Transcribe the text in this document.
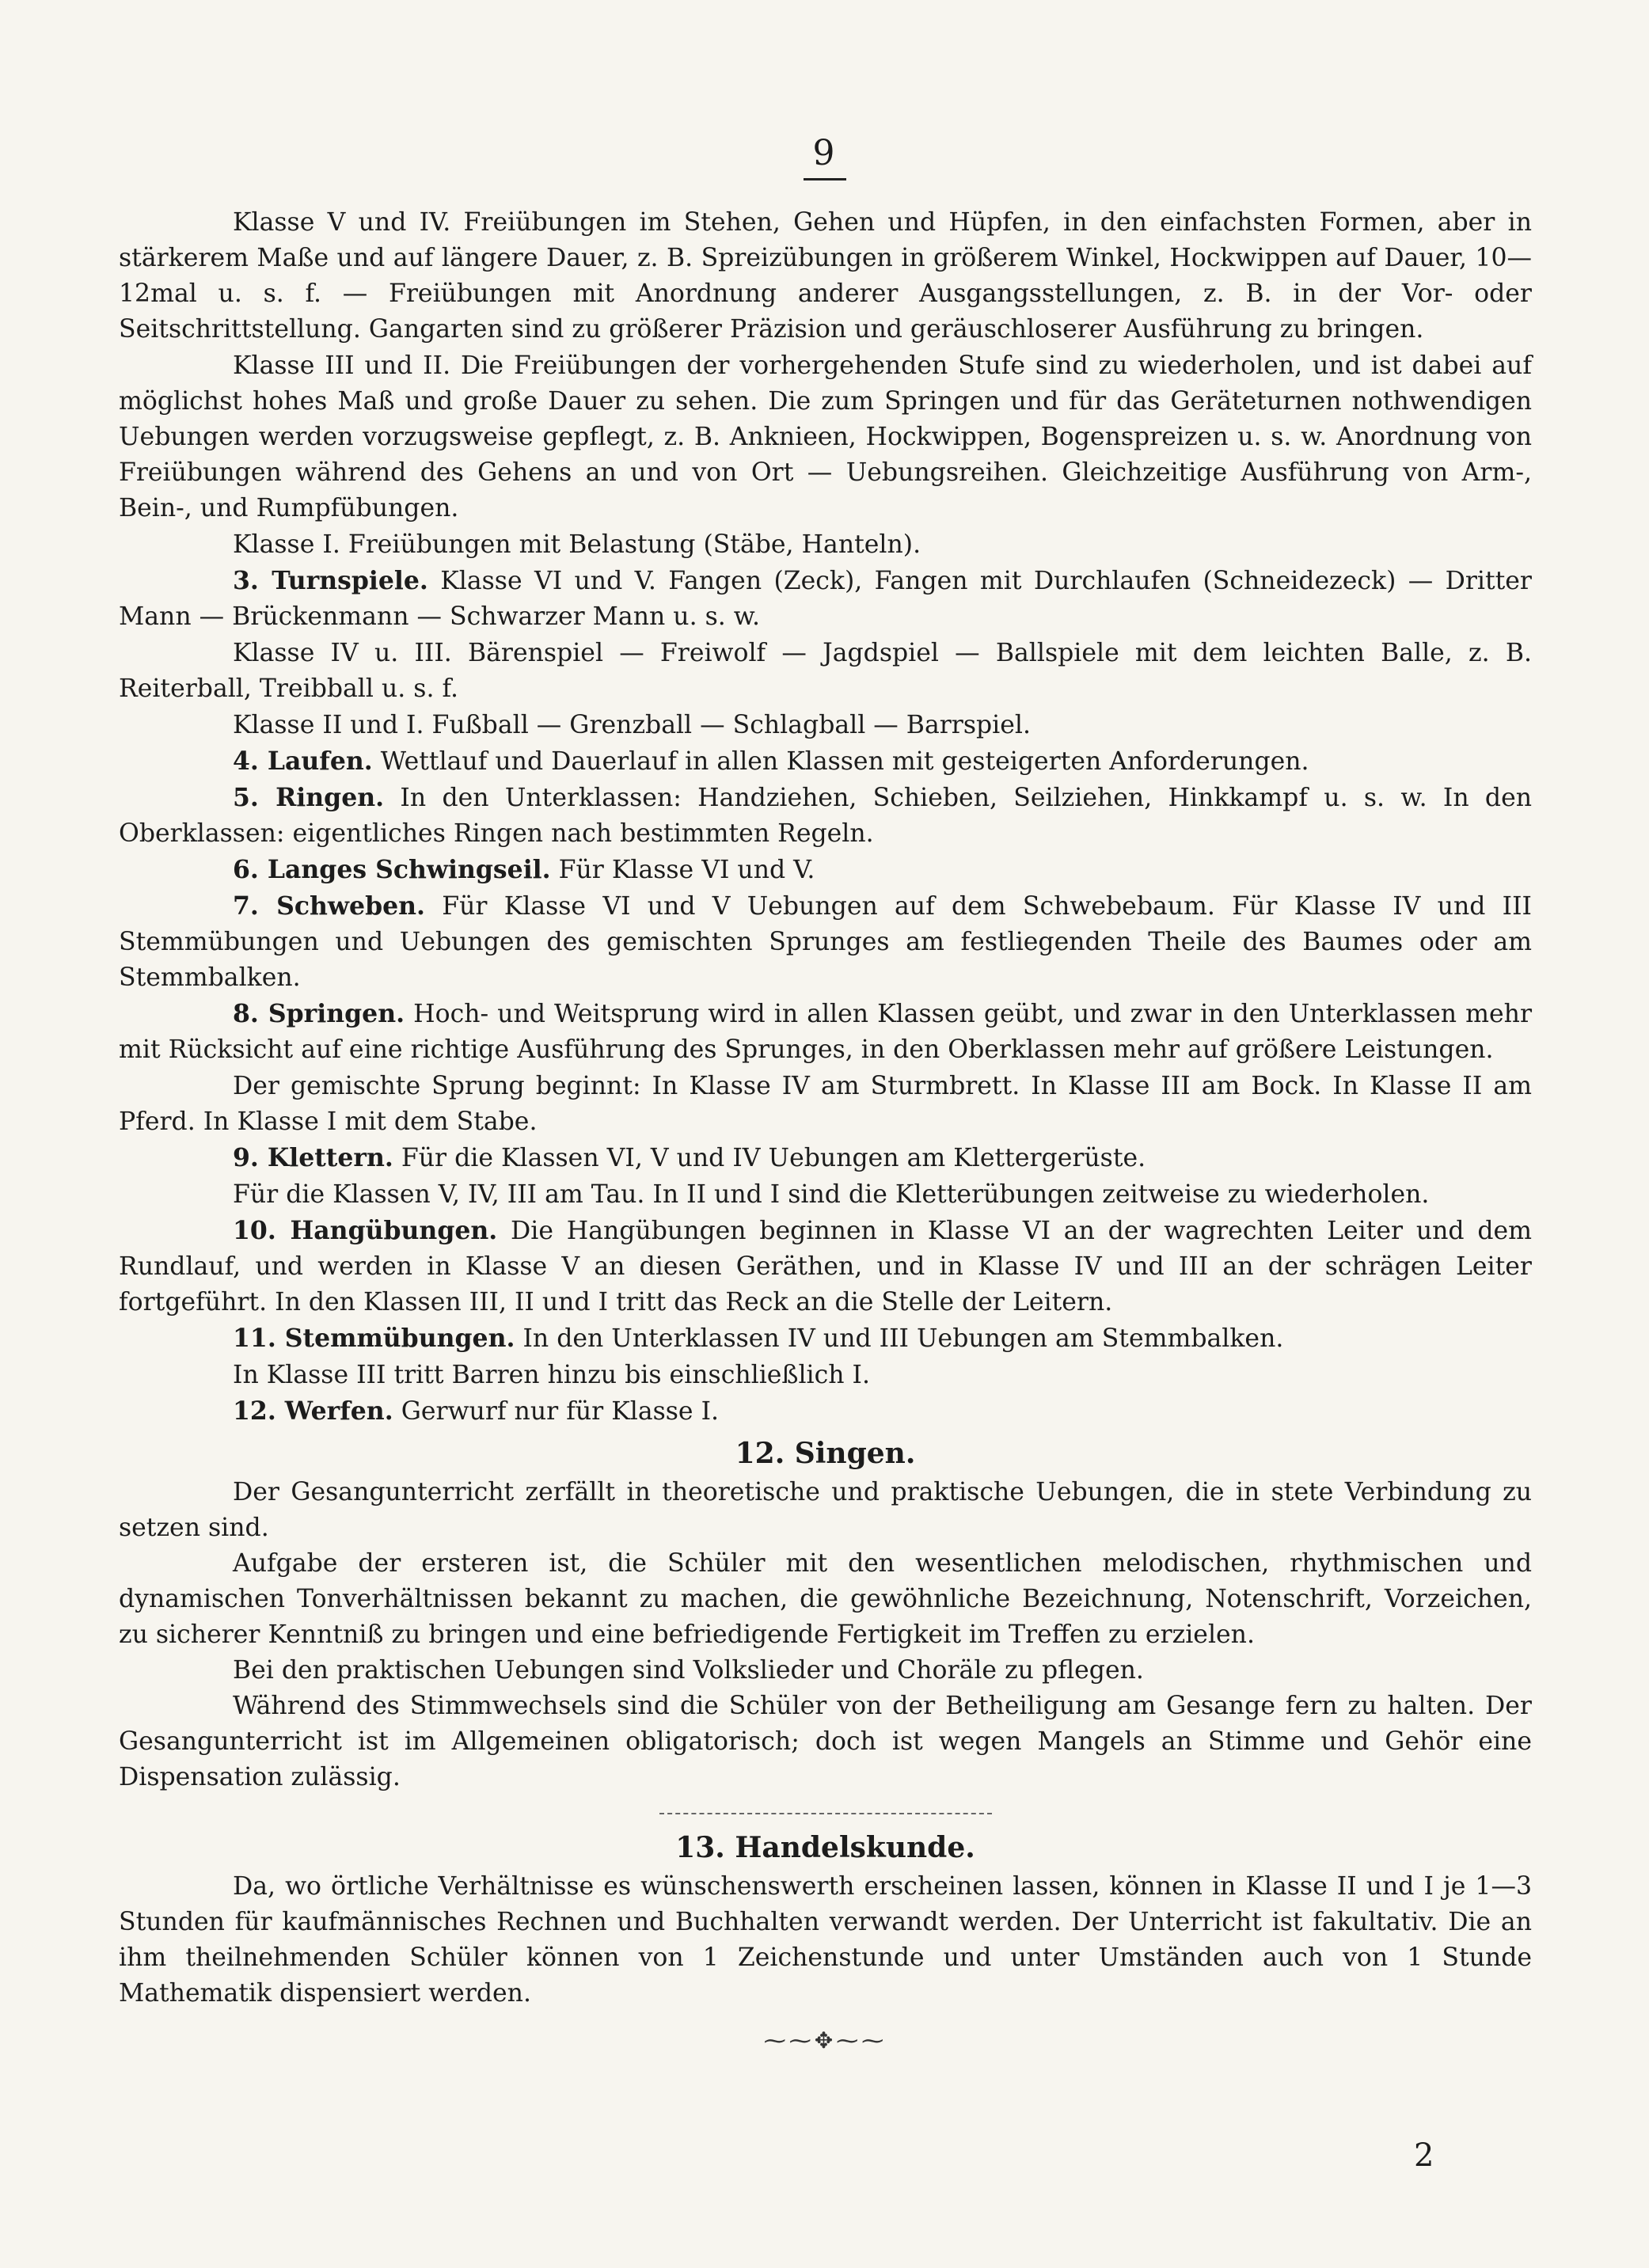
9

Klasse V und IV. Freiübungen im Stehen, Gehen und Hüpfen, in den einfachsten Formen, aber in stärkerem Maße und auf längere Dauer, z. B. Spreizübungen in größerem Winkel, Hockwippen auf Dauer, 10—12mal u. s. f. — Freiübungen mit Anordnung anderer Ausgangsstellungen, z. B. in der Vor- oder Seitschrittstellung. Gangarten sind zu größerer Präzision und geräuschloserer Ausführung zu bringen.

Klasse III und II. Die Freiübungen der vorhergehenden Stufe sind zu wiederholen, und ist dabei auf möglichst hohes Maß und große Dauer zu sehen. Die zum Springen und für das Geräteturnen nothwendigen Uebungen werden vorzugsweise gepflegt, z. B. Anknieen, Hockwippen, Bogenspreizen u. s. w. Anordnung von Freiübungen während des Gehens an und von Ort — Uebungsreihen. Gleichzeitige Ausführung von Arm-, Bein-, und Rumpfübungen.

Klasse I. Freiübungen mit Belastung (Stäbe, Hanteln).

3. Turnspiele. Klasse VI und V. Fangen (Zeck), Fangen mit Durchlaufen (Schneidezeck) — Dritter Mann — Brückenmann — Schwarzer Mann u. s. w.

Klasse IV u. III. Bärenspiel — Freiwolf — Jagdspiel — Ballspiele mit dem leichten Balle, z. B. Reiterball, Treibball u. s. f.

Klasse II und I. Fußball — Grenzball — Schlagball — Barrspiel.

4. Laufen. Wettlauf und Dauerlauf in allen Klassen mit gesteigerten Anforderungen.

5. Ringen. In den Unterklassen: Handziehen, Schieben, Seilziehen, Hinkkampf u. s. w. In den Oberklassen: eigentliches Ringen nach bestimmten Regeln.

6. Langes Schwingseil. Für Klasse VI und V.

7. Schweben. Für Klasse VI und V Uebungen auf dem Schwebebaum. Für Klasse IV und III Stemmübungen und Uebungen des gemischten Sprunges am festliegenden Theile des Baumes oder am Stemmbalken.

8. Springen. Hoch- und Weitsprung wird in allen Klassen geübt, und zwar in den Unterklassen mehr mit Rücksicht auf eine richtige Ausführung des Sprunges, in den Oberklassen mehr auf größere Leistungen.

Der gemischte Sprung beginnt: In Klasse IV am Sturmbrett. In Klasse III am Bock. In Klasse II am Pferd. In Klasse I mit dem Stabe.

9. Klettern. Für die Klassen VI, V und IV Uebungen am Klettergerüste.

Für die Klassen V, IV, III am Tau. In II und I sind die Kletterübungen zeitweise zu wiederholen.

10. Hangübungen. Die Hangübungen beginnen in Klasse VI an der wagrechten Leiter und dem Rundlauf, und werden in Klasse V an diesen Geräthen, und in Klasse IV und III an der schrägen Leiter fortgeführt. In den Klassen III, II und I tritt das Reck an die Stelle der Leitern.

11. Stemmübungen. In den Unterklassen IV und III Uebungen am Stemmbalken.

In Klasse III tritt Barren hinzu bis einschließlich I.

12. Werfen. Gerwurf nur für Klasse I.

12. Singen.

Der Gesangunterricht zerfällt in theoretische und praktische Uebungen, die in stete Verbindung zu setzen sind.

Aufgabe der ersteren ist, die Schüler mit den wesentlichen melodischen, rhythmischen und dynamischen Tonverhältnissen bekannt zu machen, die gewöhnliche Bezeichnung, Notenschrift, Vorzeichen, zu sicherer Kenntniß zu bringen und eine befriedigende Fertigkeit im Treffen zu erzielen.

Bei den praktischen Uebungen sind Volkslieder und Choräle zu pflegen.

Während des Stimmwechsels sind die Schüler von der Betheiligung am Gesange fern zu halten. Der Gesangunterricht ist im Allgemeinen obligatorisch; doch ist wegen Mangels an Stimme und Gehör eine Dispensation zulässig.

13. Handelskunde.

Da, wo örtliche Verhältnisse es wünschenswerth erscheinen lassen, können in Klasse II und I je 1—3 Stunden für kaufmännisches Rechnen und Buchhalten verwandt werden. Der Unterricht ist fakultativ. Die an ihm theilnehmenden Schüler können von 1 Zeichenstunde und unter Umständen auch von 1 Stunde Mathematik dispensiert werden.

⁓⁓✥⁓⁓

2
